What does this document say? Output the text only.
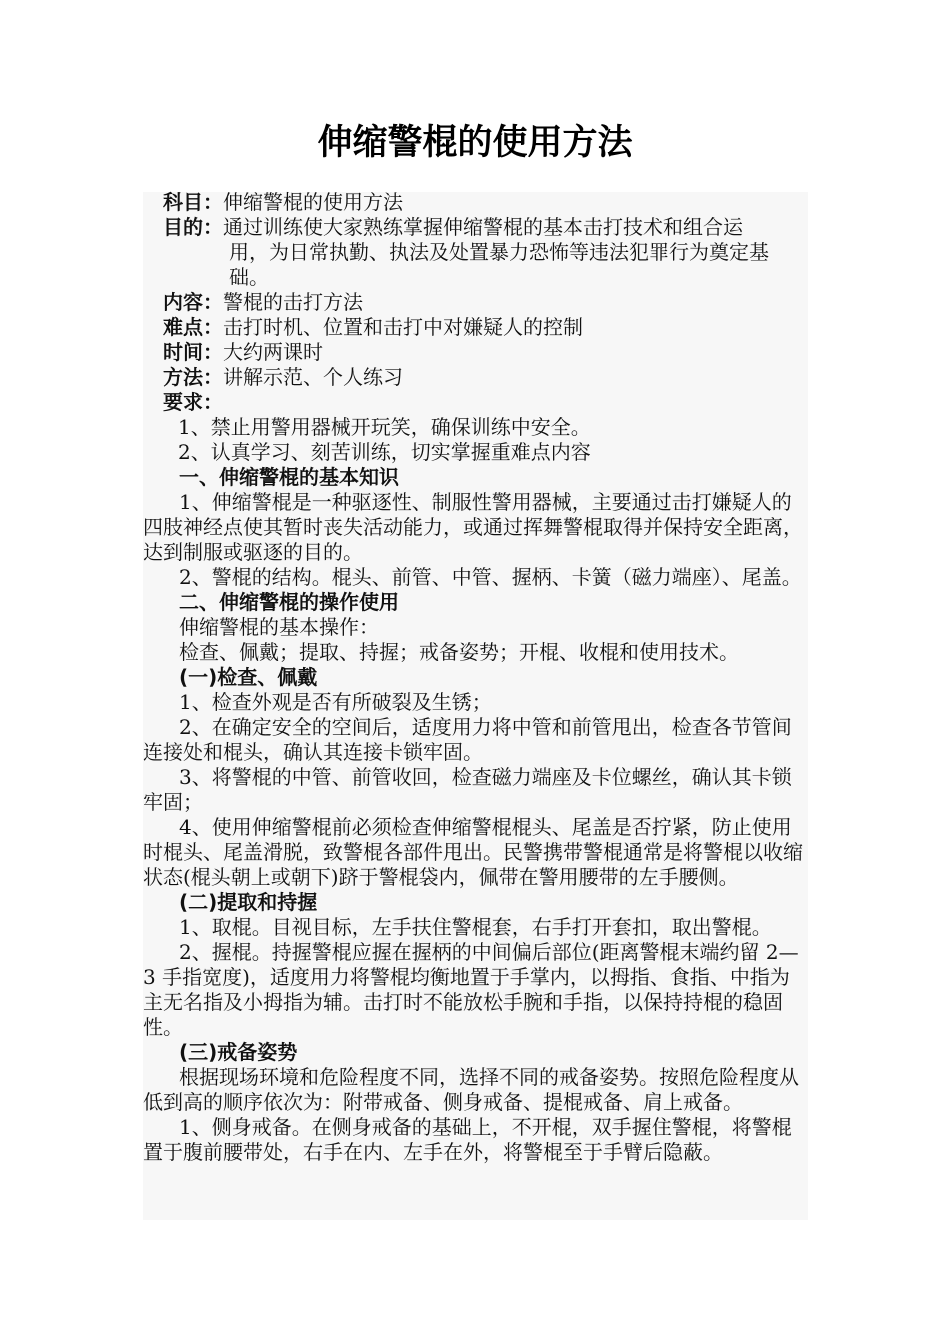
伸缩警棍的使用方法

科目：伸缩警棍的使用方法

目的：通过训练使大家熟练掌握伸缩警棍的基本击打技术和组合运
用，为日常执勤、执法及处置暴力恐怖等违法犯罪行为奠定基
础。

内容：警棍的击打方法

难点：击打时机、位置和击打中对嫌疑人的控制

时间：大约两课时

方法：讲解示范、个人练习

要求：

1、禁止用警用器械开玩笑，确保训练中安全。

2、认真学习、刻苦训练，切实掌握重难点内容

一、伸缩警棍的基本知识

1、伸缩警棍是一种驱逐性、制服性警用器械，主要通过击打嫌疑人的四肢神经点使其暂时丧失活动能力，或通过挥舞警棍取得并保持安全距离，达到制服或驱逐的目的。

2、警棍的结构。棍头、前管、中管、握柄、卡簧（磁力端座）、尾盖。

二、伸缩警棍的操作使用

伸缩警棍的基本操作：

检查、佩戴；提取、持握；戒备姿势；开棍、收棍和使用技术。

(一)检查、佩戴

1、检查外观是否有所破裂及生锈；

2、在确定安全的空间后，适度用力将中管和前管甩出，检查各节管间连接处和棍头，确认其连接卡锁牢固。

3、将警棍的中管、前管收回，检查磁力端座及卡位螺丝，确认其卡锁牢固；

4、使用伸缩警棍前必须检查伸缩警棍棍头、尾盖是否拧紧，防止使用时棍头、尾盖滑脱，致警棍各部件甩出。民警携带警棍通常是将警棍以收缩状态(棍头朝上或朝下)跻于警棍袋内，佩带在警用腰带的左手腰侧。

(二)提取和持握

1、取棍。目视目标，左手扶住警棍套，右手打开套扣，取出警棍。

2、握棍。持握警棍应握在握柄的中间偏后部位(距离警棍末端约留 2—3 手指宽度)，适度用力将警棍均衡地置于手掌内，以拇指、食指、中指为主无名指及小拇指为辅。击打时不能放松手腕和手指，以保持持棍的稳固性。

(三)戒备姿势

根据现场环境和危险程度不同，选择不同的戒备姿势。按照危险程度从低到高的顺序依次为：附带戒备、侧身戒备、提棍戒备、肩上戒备。

1、侧身戒备。在侧身戒备的基础上，不开棍，双手握住警棍，将警棍置于腹前腰带处，右手在内、左手在外，将警棍至于手臂后隐蔽。
